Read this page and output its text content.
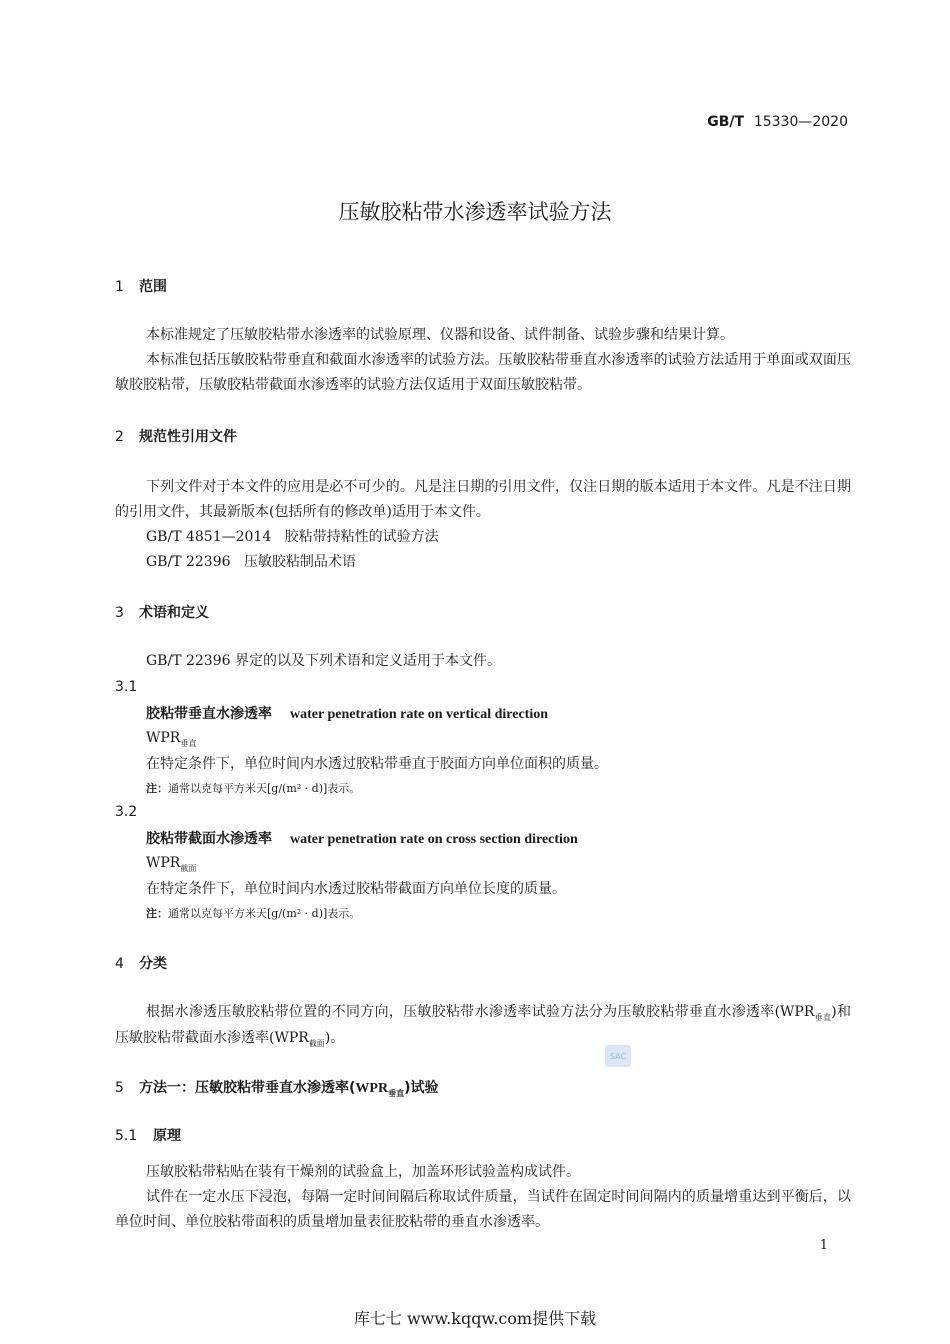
GB/T 15330—2020
压敏胶粘带水渗透率试验方法
1 范围
本标准规定了压敏胶粘带水渗透率的试验原理、仪器和设备、试件制备、试验步骤和结果计算。
本标准包括压敏胶粘带垂直和截面水渗透率的试验方法。压敏胶粘带垂直水渗透率的试验方法适用于单面或双面压敏胶胶粘带，压敏胶粘带截面水渗透率的试验方法仅适用于双面压敏胶粘带。
2 规范性引用文件
下列文件对于本文件的应用是必不可少的。凡是注日期的引用文件，仅注日期的版本适用于本文件。凡是不注日期的引用文件，其最新版本(包括所有的修改单)适用于本文件。
GB/T 4851—2014 胶粘带持粘性的试验方法
GB/T 22396 压敏胶粘制品术语
3 术语和定义
GB/T 22396 界定的以及下列术语和定义适用于本文件。
3.1
胶粘带垂直水渗透率 water penetration rate on vertical direction
$WPR_{垂直}$
在特定条件下，单位时间内水透过胶粘带垂直于胶面方向单位面积的质量。
注：通常以克每平方米天[g/(m² · d)]表示。
3.2
胶粘带截面水渗透率 water penetration rate on cross section direction
$WPR_{截面}$
在特定条件下，单位时间内水透过胶粘带截面方向单位长度的质量。
注：通常以克每平方米天[g/(m² · d)]表示。
4 分类
根据水渗透压敏胶粘带位置的不同方向，压敏胶粘带水渗透率试验方法分为压敏胶粘带垂直水渗透率$(WPR_{垂直})$和压敏胶粘带截面水渗透率$(WPR_{截面})$。
SAC
5 方法一：压敏胶粘带垂直水渗透率$(WPR_{垂直})$试验
5.1 原理
压敏胶粘带粘贴在装有干燥剂的试验盒上，加盖环形试验盖构成试件。
试件在一定水压下浸泡，每隔一定时间间隔后称取试件质量，当试件在固定时间间隔内的质量增重达到平衡后，以单位时间、单位胶粘带面积的质量增加量表征胶粘带的垂直水渗透率。
1
库七七 www.kqqw.com提供下载
